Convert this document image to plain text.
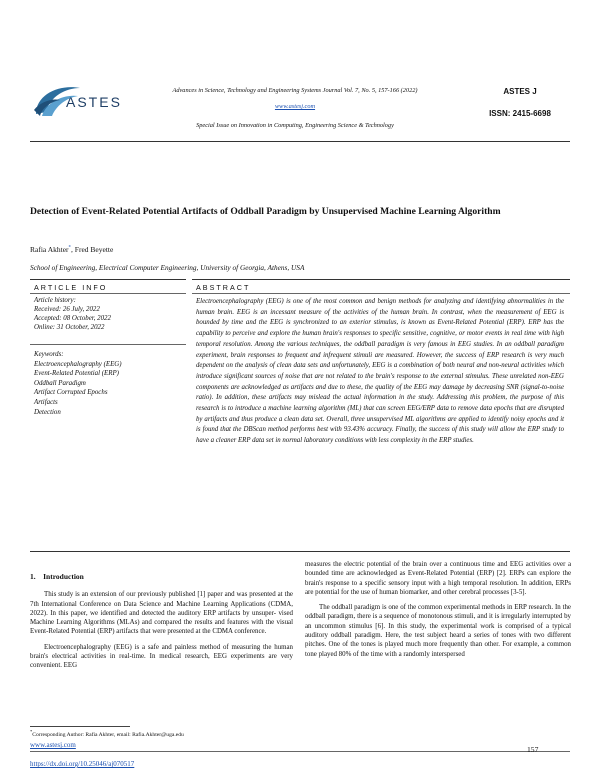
ASTES
Advances in Science, Technology and Engineering Systems Journal Vol. 7, No. 5, 157-166 (2022)
www.astesj.com
Special Issue on Innovation in Computing, Engineering Science & Technology
ASTES J
ISSN: 2415-6698
Detection of Event-Related Potential Artifacts of Oddball Paradigm by Unsupervised Machine Learning Algorithm
Rafia Akhter*, Fred Beyette
School of Engineering, Electrical Computer Engineering, University of Georgia, Athens, USA
ARTICLE INFO	ABSTRACT
Article history:
Received: 26 July, 2022
Accepted: 08 October, 2022
Online: 31 October, 2022
Keywords:
Electroencephalography (EEG)
Event-Related Potential (ERP)
Oddball Paradigm
Artifact Corrupted Epochs
Artifacts
Detection
Electroencephalography (EEG) is one of the most common and benign methods for analyzing and identifying abnormalities in the human brain. EEG is an incessant measure of the activities of the human brain. In contrast, when the measurement of EEG is bounded by time and the EEG is synchronized to an exterior stimulus, is known as Event-Related Potential (ERP). ERP has the capability to perceive and explore the human brain's responses to specific sensitive, cognitive, or motor events in real time with high temporal resolution. Among the various techniques, the oddball paradigm is very famous in EEG studies. In an oddball paradigm experiment, brain responses to frequent and infrequent stimuli are measured. However, the success of ERP research is very much dependent on the analysis of clean data sets and unfortunately, EEG is a combination of both neural and non-neural activities which introduce significant sources of noise that are not related to the brain's response to the external stimulus. These unrelated non-EEG components are acknowledged as artifacts and due to these, the quality of the EEG may damage by decreasing SNR (signal-to-noise ratio). In addition, these artifacts may mislead the actual information in the study. Addressing this problem, the purpose of this research is to introduce a machine learning algorithm (ML) that can screen EEG/ERP data to remove data epochs that are disrupted by artifacts and thus produce a clean data set. Overall, three unsupervised ML algorithms are applied to identify noisy epochs and it is found that the DBScan method performs best with 93.43% accuracy. Finally, the success of this study will allow the ERP study to have a cleaner ERP data set in normal laboratory conditions with less complexity in the ERP studies.

1. Introduction

This study is an extension of our previously published [1] paper and was presented at the 7th International Conference on Data Science and Machine Learning Applications (CDMA, 2022). In this paper, we identified and detected the auditory ERP artifacts by unsuper- vised Machine Learning Algorithms (MLAs) and compared the results and features with the visual Event-Related Potential (ERP) artifacts that were presented at the CDMA conference.

Electroencephalography (EEG) is a safe and painless method of measuring the human brain's electrical activities in real-time. In medical research, EEG experiments are very convenient. EEG

measures the electric potential of the brain over a continuous time and EEG activities over a bounded time are acknowledged as Event-Related Potential (ERP) [2]. ERPs can explore the brain's response to a specific sensory input with a high temporal resolution. In addition, ERPs are potential for the use of human biomarker, and other cerebral processes [3-5].

The oddball paradigm is one of the common experimental methods in ERP research. In the oddball paradigm, there is a sequence of monotonous stimuli, and it is irregularly interrupted by an uncommon stimulus [6]. In this study, the experimental work is comprised of a typical auditory oddball paradigm. Here, the test subject heard a series of tones with two different pitches. One of the tones is played much more frequently than other. For example, a common tone played 80% of the time with a randomly interspersed

*Corresponding Author: Rafia Akhter, email: Rafia.Akhter@uga.edu
www.astesj.com
https://dx.doi.org/10.25046/aj070517
157
